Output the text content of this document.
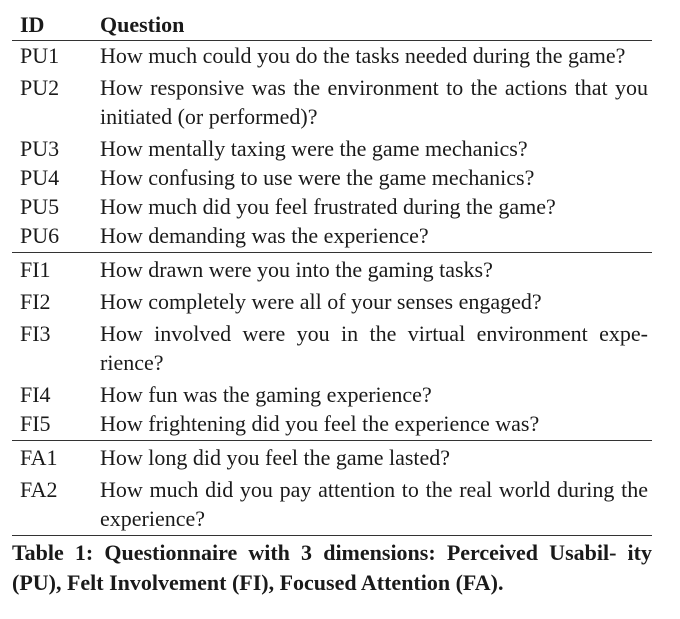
ID	Question
PU1	How much could you do the tasks needed during the game?
PU2	How responsive was the environment to the actions that you initiated (or performed)?
PU3	How mentally taxing were the game mechanics?
PU4	How confusing to use were the game mechanics?
PU5	How much did you feel frustrated during the game?
PU6	How demanding was the experience?
FI1	How drawn were you into the gaming tasks?
FI2	How completely were all of your senses engaged?
FI3	How involved were you in the virtual environment expe- rience?
FI4	How fun was the gaming experience?
FI5	How frightening did you feel the experience was?
FA1	How long did you feel the game lasted?
FA2	How much did you pay attention to the real world during the experience?
Table 1: Questionnaire with 3 dimensions: Perceived Usabil- ity (PU), Felt Involvement (FI), Focused Attention (FA).
